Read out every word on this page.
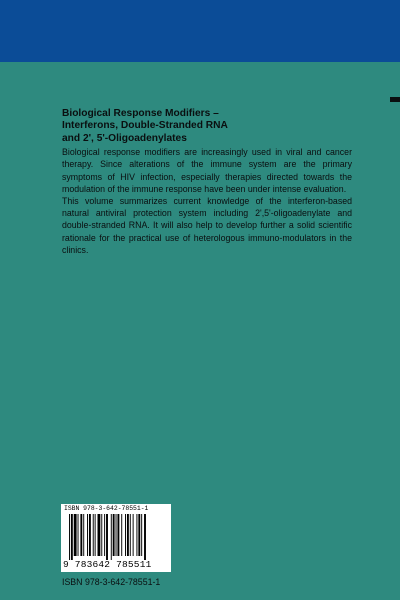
Biological Response Modifiers –
Interferons, Double-Stranded RNA
and 2', 5'-Oligoadenylates

Biological response modifiers are increasingly used in viral and cancer therapy. Since alterations of the immune system are the primary symptoms of HIV infection, especially therapies directed towards the modulation of the immune response have been under intense evaluation.

This volume summarizes current knowledge of the interferon-based natural antiviral protection system including 2',5'-oligoadenylate and double-stranded RNA. It will also help to develop further a solid scientific rationale for the practical use of heterologous immuno-modulators in the clinics.

ISBN 978-3-642-78551-1
9 783642 785511
ISBN 978-3-642-78551-1
